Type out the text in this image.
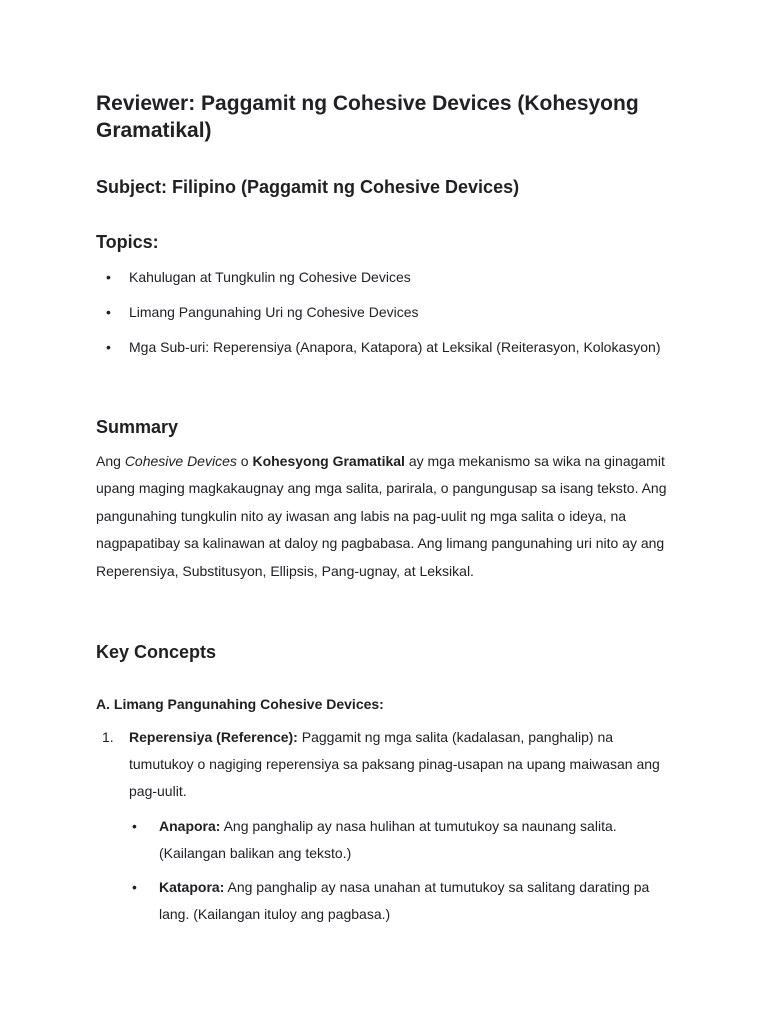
Reviewer: Paggamit ng Cohesive Devices (Kohesyong Gramatikal)
Subject: Filipino (Paggamit ng Cohesive Devices)
Topics:
• Kahulugan at Tungkulin ng Cohesive Devices
• Limang Pangunahing Uri ng Cohesive Devices
• Mga Sub-uri: Reperensiya (Anapora, Katapora) at Leksikal (Reiterasyon, Kolokasyon)
Summary

Ang Cohesive Devices o Kohesyong Gramatikal ay mga mekanismo sa wika na ginagamit upang maging magkakaugnay ang mga salita, parirala, o pangungusap sa isang teksto. Ang pangunahing tungkulin nito ay iwasan ang labis na pag-uulit ng mga salita o ideya, na nagpapatibay sa kalinawan at daloy ng pagbabasa. Ang limang pangunahing uri nito ay ang Reperensiya, Substitusyon, Ellipsis, Pang-ugnay, at Leksikal.

Key Concepts

A. Limang Pangunahing Cohesive Devices:

1. Reperensiya (Reference): Paggamit ng mga salita (kadalasan, panghalip) na tumutukoy o nagiging reperensiya sa paksang pinag-usapan na upang maiwasan ang pag-uulit.
• Anapora: Ang panghalip ay nasa hulihan at tumutukoy sa naunang salita. (Kailangan balikan ang teksto.)
• Katapora: Ang panghalip ay nasa unahan at tumutukoy sa salitang darating pa lang. (Kailangan ituloy ang pagbasa.)
